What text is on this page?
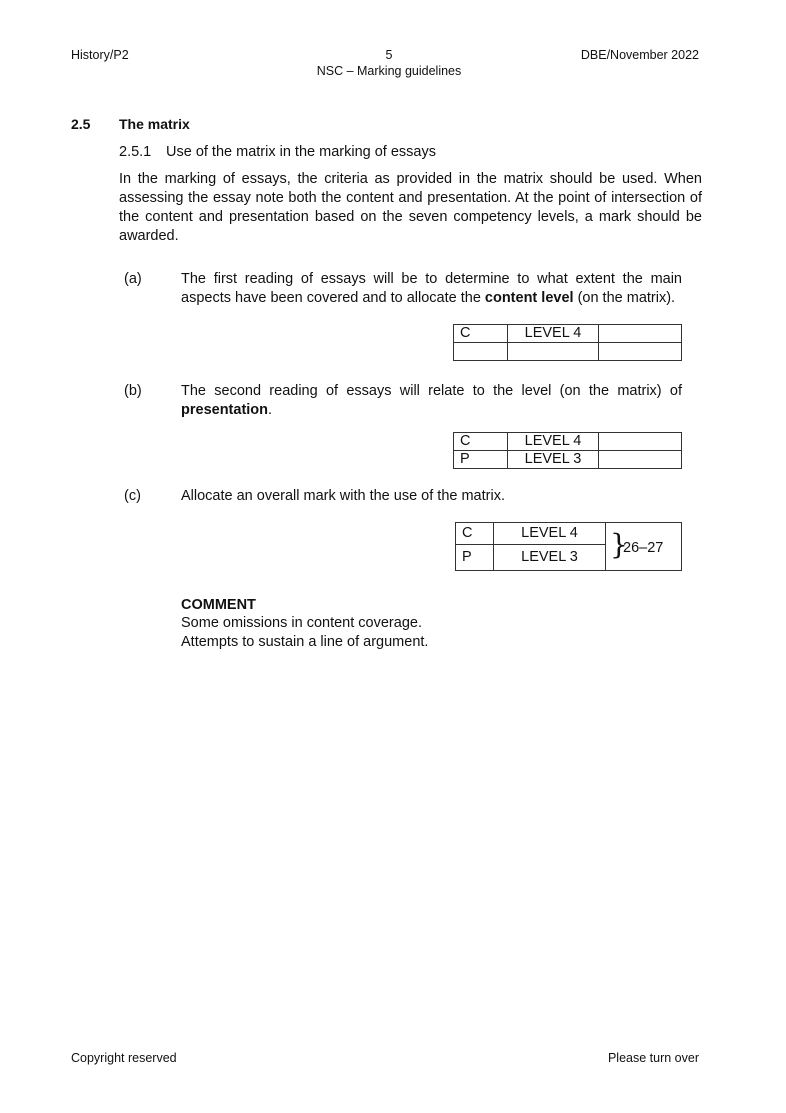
History/P2	5
NSC – Marking guidelines
DBE/November 2022
2.5 The matrix
2.5.1 Use of the matrix in the marking of essays
In the marking of essays, the criteria as provided in the matrix should be used. When assessing the essay note both the content and presentation. At the point of intersection of the content and presentation based on the seven competency levels, a mark should be awarded.
(a)	The first reading of essays will be to determine to what extent the main aspects have been covered and to allocate the content level (on the matrix).
C	LEVEL 4	

(b)	The second reading of essays will relate to the level (on the matrix) of presentation.
C	LEVEL 4	
P	LEVEL 3	
(c)	Allocate an overall mark with the use of the matrix.
C	LEVEL 4
P	LEVEL 3 }
26–27
COMMENT
Some omissions in content coverage.
Attempts to sustain a line of argument.
Copyright reserved	Please turn over
